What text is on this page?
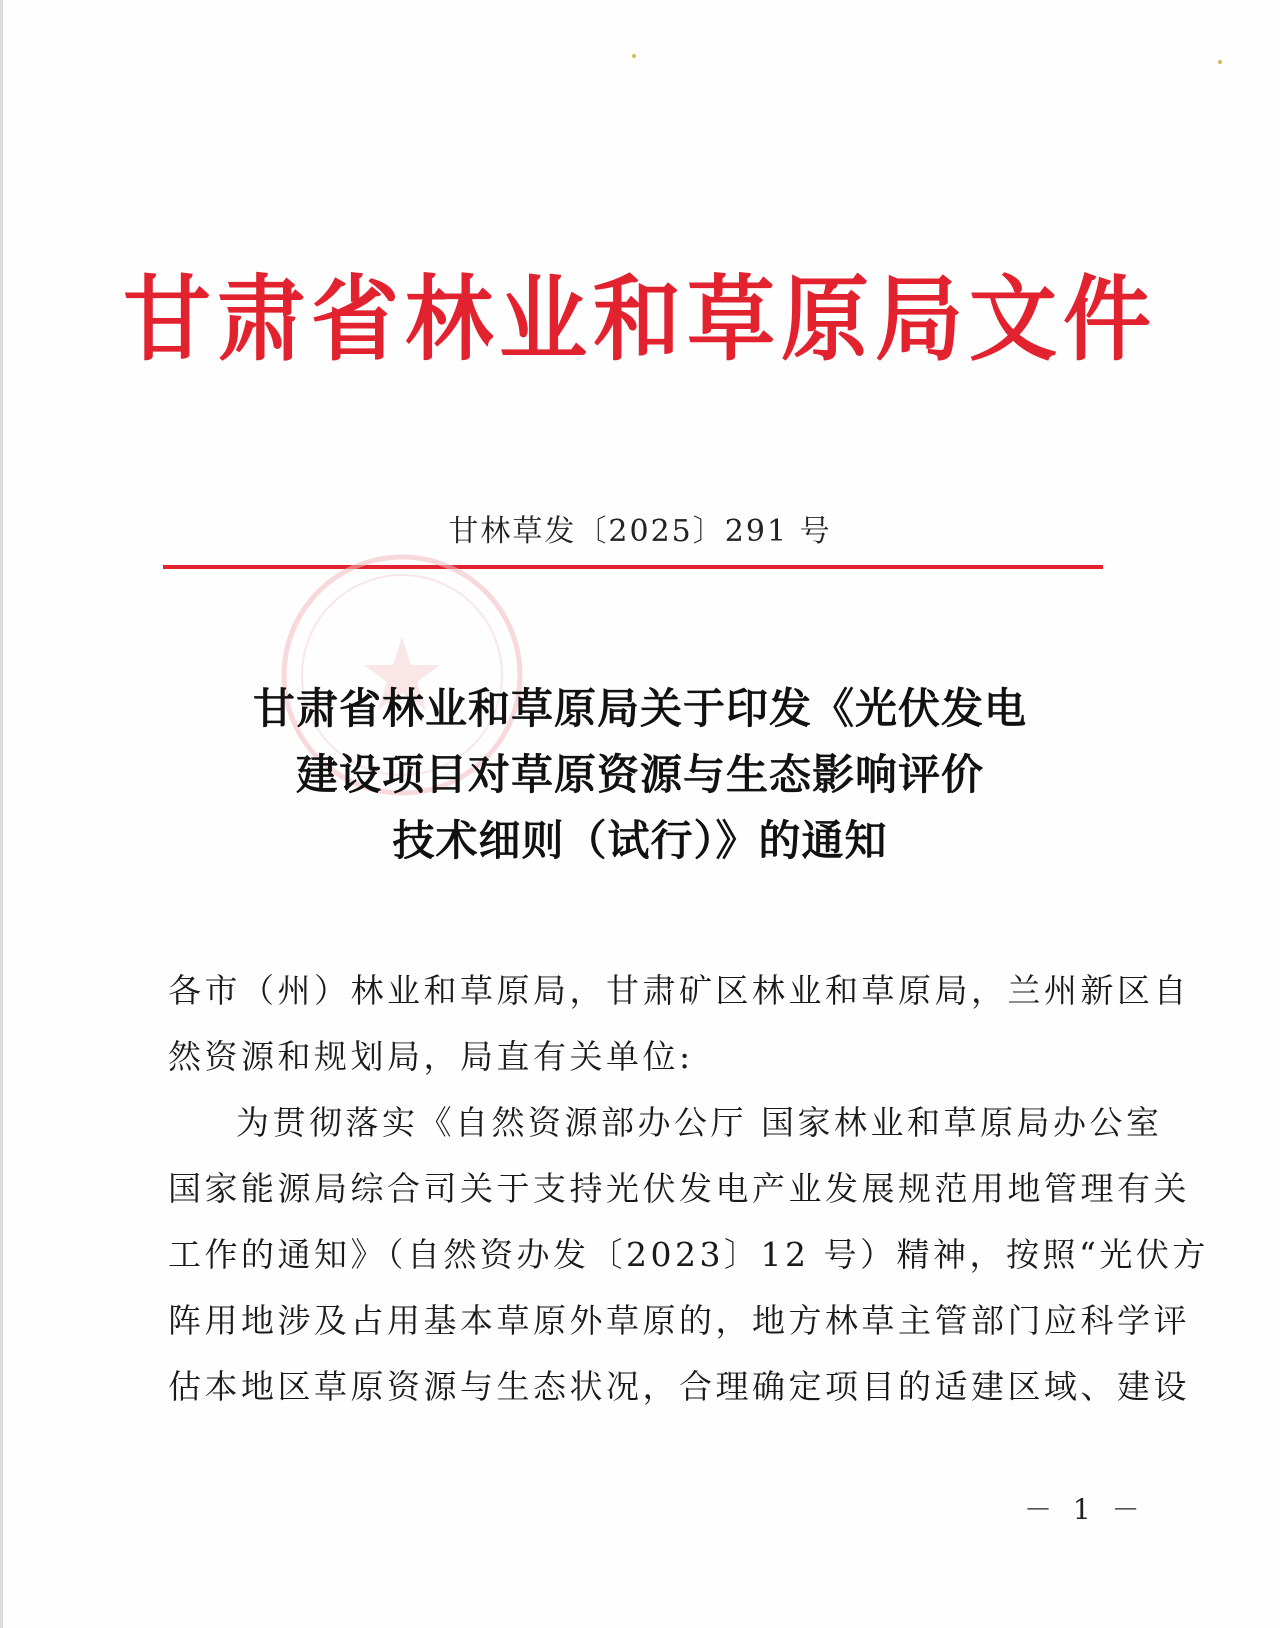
甘肃省林业和草原局文件
甘林草发〔2025〕291 号
甘肃省林业和草原局关于印发《光伏发电
建设项目对草原资源与生态影响评价
技术细则（试行）》的通知
各市（州）林业和草原局，甘肃矿区林业和草原局，兰州新区自
然资源和规划局，局直有关单位:
为贯彻落实《自然资源部办公厅 国家林业和草原局办公室
国家能源局综合司关于支持光伏发电产业发展规范用地管理有关
工作的通知》（自然资办发〔2023〕12 号）精神，按照“光伏方
阵用地涉及占用基本草原外草原的，地方林草主管部门应科学评
估本地区草原资源与生态状况，合理确定项目的适建区域、建设
－ 1 －
